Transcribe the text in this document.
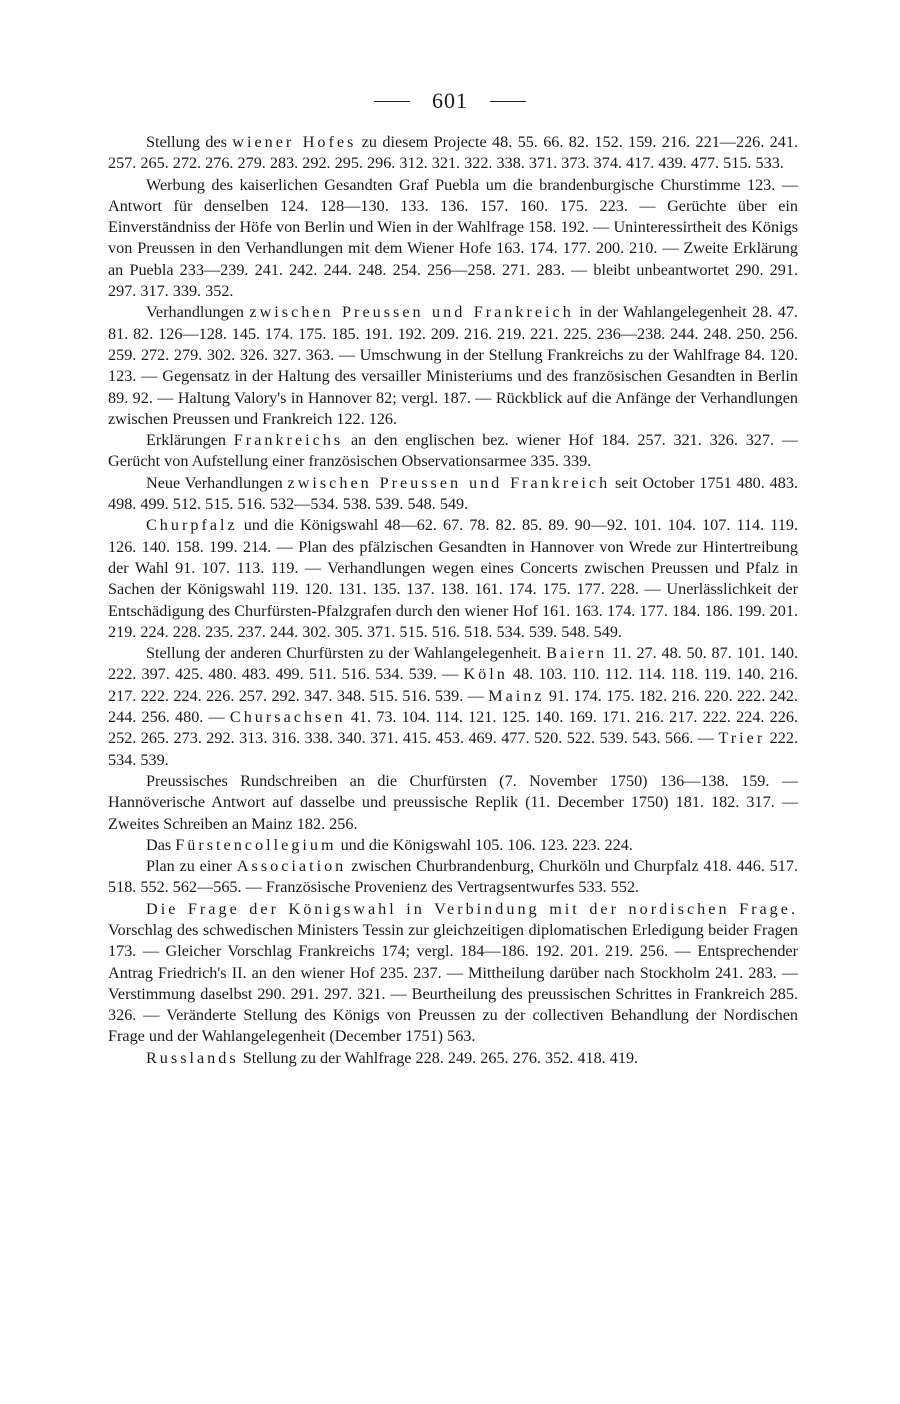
601

Stellung des wiener Hofes zu diesem Projecte 48. 55. 66. 82. 152. 159. 216. 221—226. 241. 257. 265. 272. 276. 279. 283. 292. 295. 296. 312. 321. 322. 338. 371. 373. 374. 417. 439. 477. 515. 533.

Werbung des kaiserlichen Gesandten Graf Puebla um die brandenburgische Churstimme 123. — Antwort für denselben 124. 128—130. 133. 136. 157. 160. 175. 223. — Gerüchte über ein Einverständniss der Höfe von Berlin und Wien in der Wahlfrage 158. 192. — Uninteressirtheit des Königs von Preussen in den Verhandlungen mit dem Wiener Hofe 163. 174. 177. 200. 210. — Zweite Erklärung an Puebla 233—239. 241. 242. 244. 248. 254. 256—258. 271. 283. — bleibt unbeantwortet 290. 291. 297. 317. 339. 352.

Verhandlungen zwischen Preussen und Frankreich in der Wahlangelegenheit 28. 47. 81. 82. 126—128. 145. 174. 175. 185. 191. 192. 209. 216. 219. 221. 225. 236—238. 244. 248. 250. 256. 259. 272. 279. 302. 326. 327. 363. — Umschwung in der Stellung Frankreichs zu der Wahlfrage 84. 120. 123. — Gegensatz in der Haltung des versailler Ministeriums und des französischen Gesandten in Berlin 89. 92. — Haltung Valory's in Hannover 82; vergl. 187. — Rückblick auf die Anfänge der Verhandlungen zwischen Preussen und Frankreich 122. 126.

Erklärungen Frankreichs an den englischen bez. wiener Hof 184. 257. 321. 326. 327. — Gerücht von Aufstellung einer französischen Observationsarmee 335. 339.

Neue Verhandlungen zwischen Preussen und Frankreich seit October 1751 480. 483. 498. 499. 512. 515. 516. 532—534. 538. 539. 548. 549.

Churpfalz und die Königswahl 48—62. 67. 78. 82. 85. 89. 90—92. 101. 104. 107. 114. 119. 126. 140. 158. 199. 214. — Plan des pfälzischen Gesandten in Hannover von Wrede zur Hintertreibung der Wahl 91. 107. 113. 119. — Verhandlungen wegen eines Concerts zwischen Preussen und Pfalz in Sachen der Königswahl 119. 120. 131. 135. 137. 138. 161. 174. 175. 177. 228. — Unerlässlichkeit der Entschädigung des Churfürsten-Pfalzgrafen durch den wiener Hof 161. 163. 174. 177. 184. 186. 199. 201. 219. 224. 228. 235. 237. 244. 302. 305. 371. 515. 516. 518. 534. 539. 548. 549.

Stellung der anderen Churfürsten zu der Wahlangelegenheit. Baiern 11. 27. 48. 50. 87. 101. 140. 222. 397. 425. 480. 483. 499. 511. 516. 534. 539. — Köln 48. 103. 110. 112. 114. 118. 119. 140. 216. 217. 222. 224. 226. 257. 292. 347. 348. 515. 516. 539. — Mainz 91. 174. 175. 182. 216. 220. 222. 242. 244. 256. 480. — Chursachsen 41. 73. 104. 114. 121. 125. 140. 169. 171. 216. 217. 222. 224. 226. 252. 265. 273. 292. 313. 316. 338. 340. 371. 415. 453. 469. 477. 520. 522. 539. 543. 566. — Trier 222. 534. 539.

Preussisches Rundschreiben an die Churfürsten (7. November 1750) 136—138. 159. — Hannöverische Antwort auf dasselbe und preussische Replik (11. December 1750) 181. 182. 317. — Zweites Schreiben an Mainz 182. 256.

Das Fürstencollegium und die Königswahl 105. 106. 123. 223. 224.

Plan zu einer Association zwischen Churbrandenburg, Churköln und Churpfalz 418. 446. 517. 518. 552. 562—565. — Französische Provenienz des Vertragsentwurfes 533. 552.

Die Frage der Königswahl in Verbindung mit der nordischen Frage. Vorschlag des schwedischen Ministers Tessin zur gleichzeitigen diplomatischen Erledigung beider Fragen 173. — Gleicher Vorschlag Frankreichs 174; vergl. 184—186. 192. 201. 219. 256. — Entsprechender Antrag Friedrich's II. an den wiener Hof 235. 237. — Mittheilung darüber nach Stockholm 241. 283. — Verstimmung daselbst 290. 291. 297. 321. — Beurtheilung des preussischen Schrittes in Frankreich 285. 326. — Veränderte Stellung des Königs von Preussen zu der collectiven Behandlung der Nordischen Frage und der Wahlangelegenheit (December 1751) 563.

Russlands Stellung zu der Wahlfrage 228. 249. 265. 276. 352. 418. 419.
